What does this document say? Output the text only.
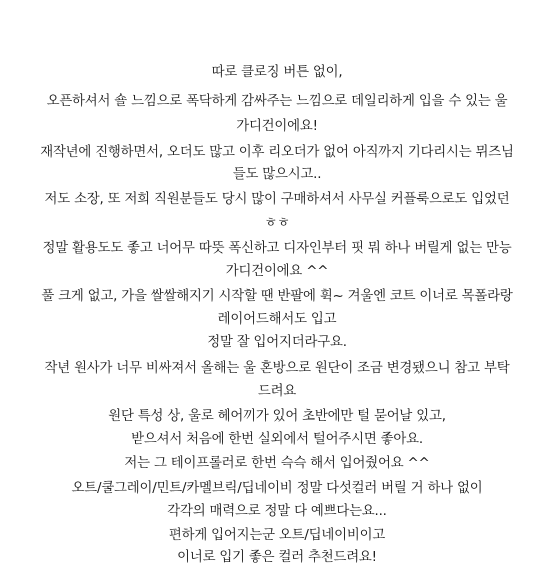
따로 클로징 버튼 없이,
오픈하셔서 숄 느낌으로 폭닥하게 감싸주는 느낌으로 데일리하게 입을 수 있는 울
가디건이에요!
재작년에 진행하면서, 오더도 많고 이후 리오더가 없어 아직까지 기다리시는 뮈즈님
들도 많으시고..
저도 소장, 또 저희 직원분들도 당시 많이 구매하셔서 사무실 커플룩으로도 입었던
ㅎㅎ
정말 활용도도 좋고 너어무 따뜻 폭신하고 디자인부터 핏 뭐 하나 버릴게 없는 만능
가디건이에요 ^^
풀 크게 없고, 가을 쌀쌀해지기 시작할 땐 반팔에 휙~ 겨울엔 코트 이너로 목폴라랑
레이어드해서도 입고
정말 잘 입어지더라구요.
작년 원사가 너무 비싸져서 올해는 울 혼방으로 원단이 조금 변경됐으니 참고 부탁
드려요
원단 특성 상, 울로 헤어끼가 있어 초반에만 털 묻어날 있고,
받으셔서 처음에 한번 실외에서 털어주시면 좋아요.
저는 그 테이프롤러로 한번 슥슥 해서 입어줬어요 ^^
오트/쿨그레이/민트/카멜브릭/딥네이비 정말 다섯컬러 버릴 거 하나 없이
각각의 매력으로 정말 다 예쁘다는요...
편하게 입어지는군 오트/딥네이비이고
이너로 입기 좋은 컬러 추천드려요!
